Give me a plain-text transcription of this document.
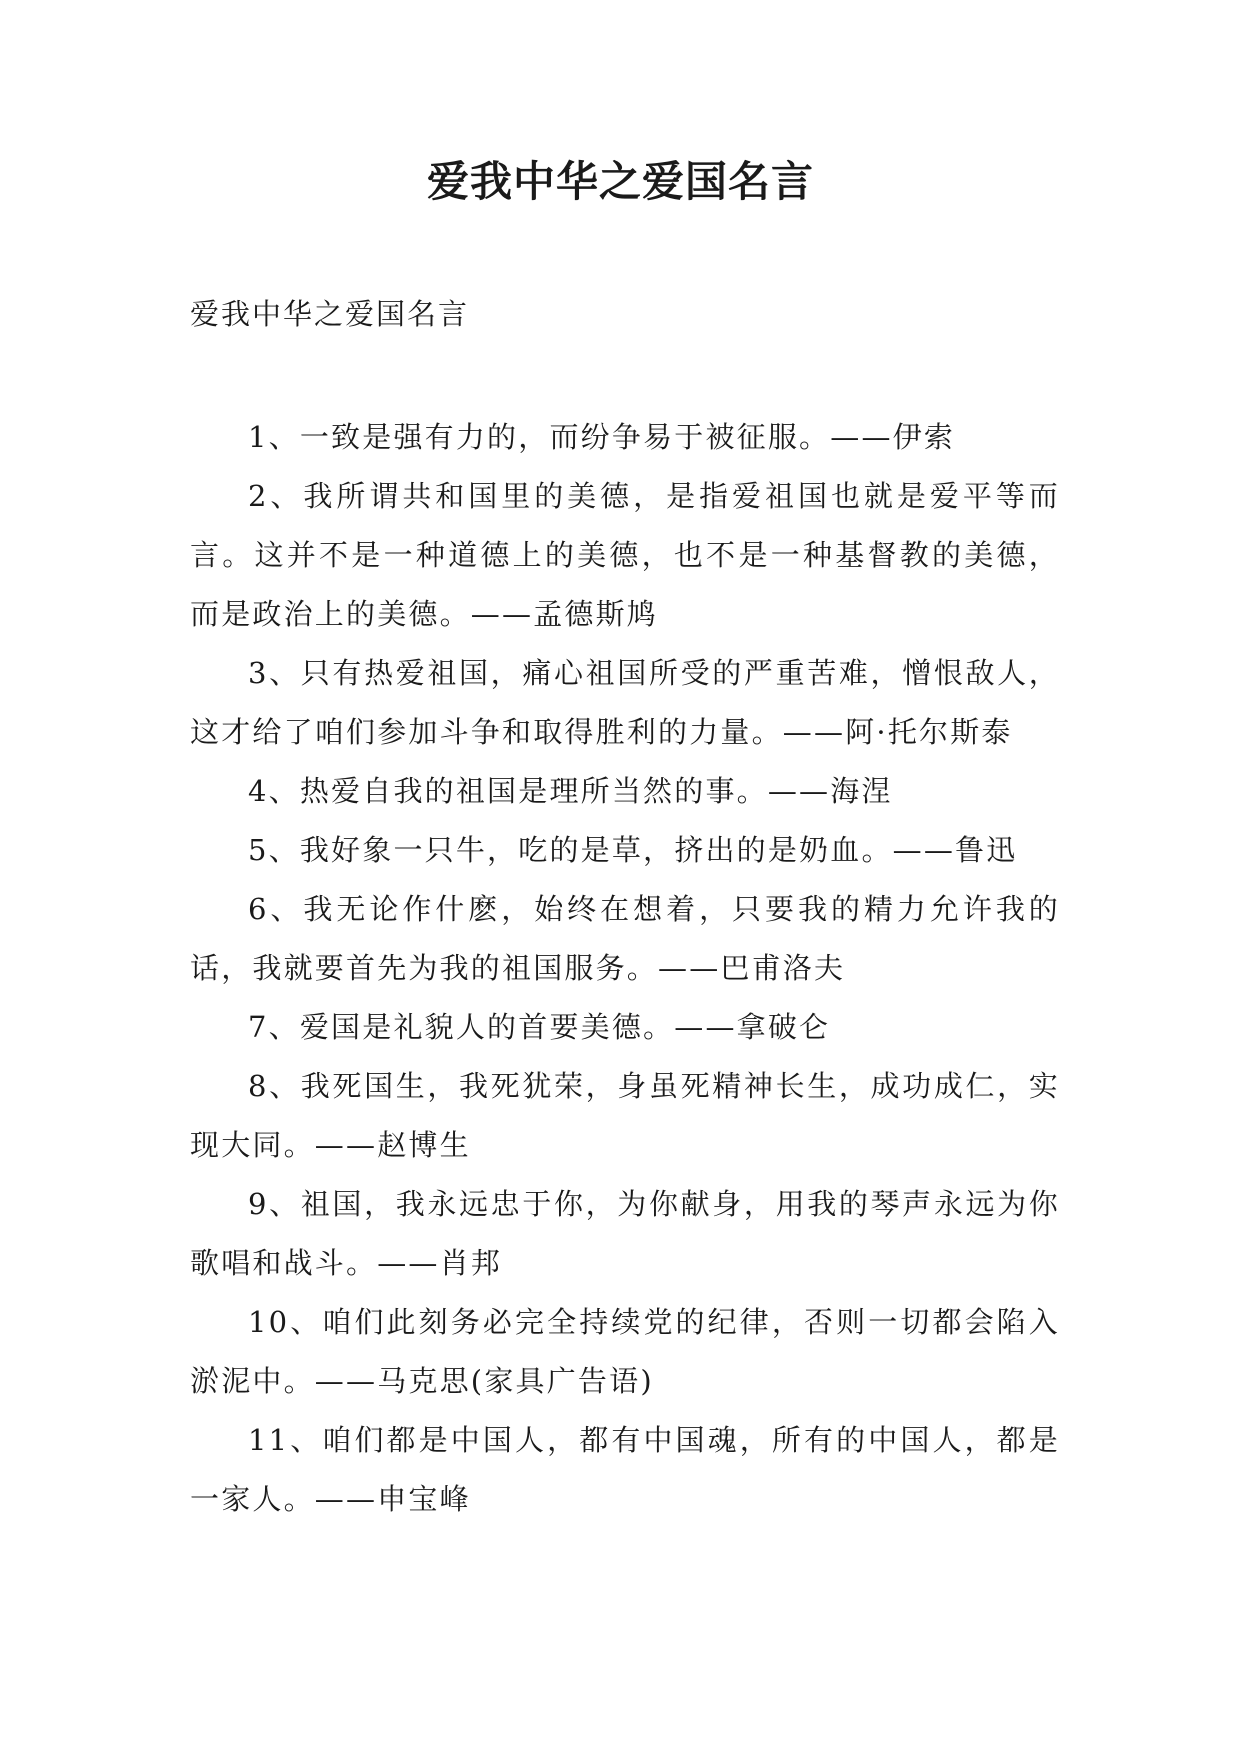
爱我中华之爱国名言

爱我中华之爱国名言

1、一致是强有力的，而纷争易于被征服。——伊索

2、我所谓共和国里的美德，是指爱祖国也就是爱平等而言。这并不是一种道德上的美德，也不是一种基督教的美德，而是政治上的美德。——孟德斯鸠

3、只有热爱祖国，痛心祖国所受的严重苦难，憎恨敌人，这才给了咱们参加斗争和取得胜利的力量。——阿·托尔斯泰

4、热爱自我的祖国是理所当然的事。——海涅

5、我好象一只牛，吃的是草，挤出的是奶血。——鲁迅

6、我无论作什麽，始终在想着，只要我的精力允许我的话，我就要首先为我的祖国服务。——巴甫洛夫

7、爱国是礼貌人的首要美德。——拿破仑

8、我死国生，我死犹荣，身虽死精神长生，成功成仁，实现大同。——赵博生

9、祖国，我永远忠于你，为你献身，用我的琴声永远为你歌唱和战斗。——肖邦

10、咱们此刻务必完全持续党的纪律，否则一切都会陷入淤泥中。——马克思(家具广告语)

11、咱们都是中国人，都有中国魂，所有的中国人，都是一家人。——申宝峰
